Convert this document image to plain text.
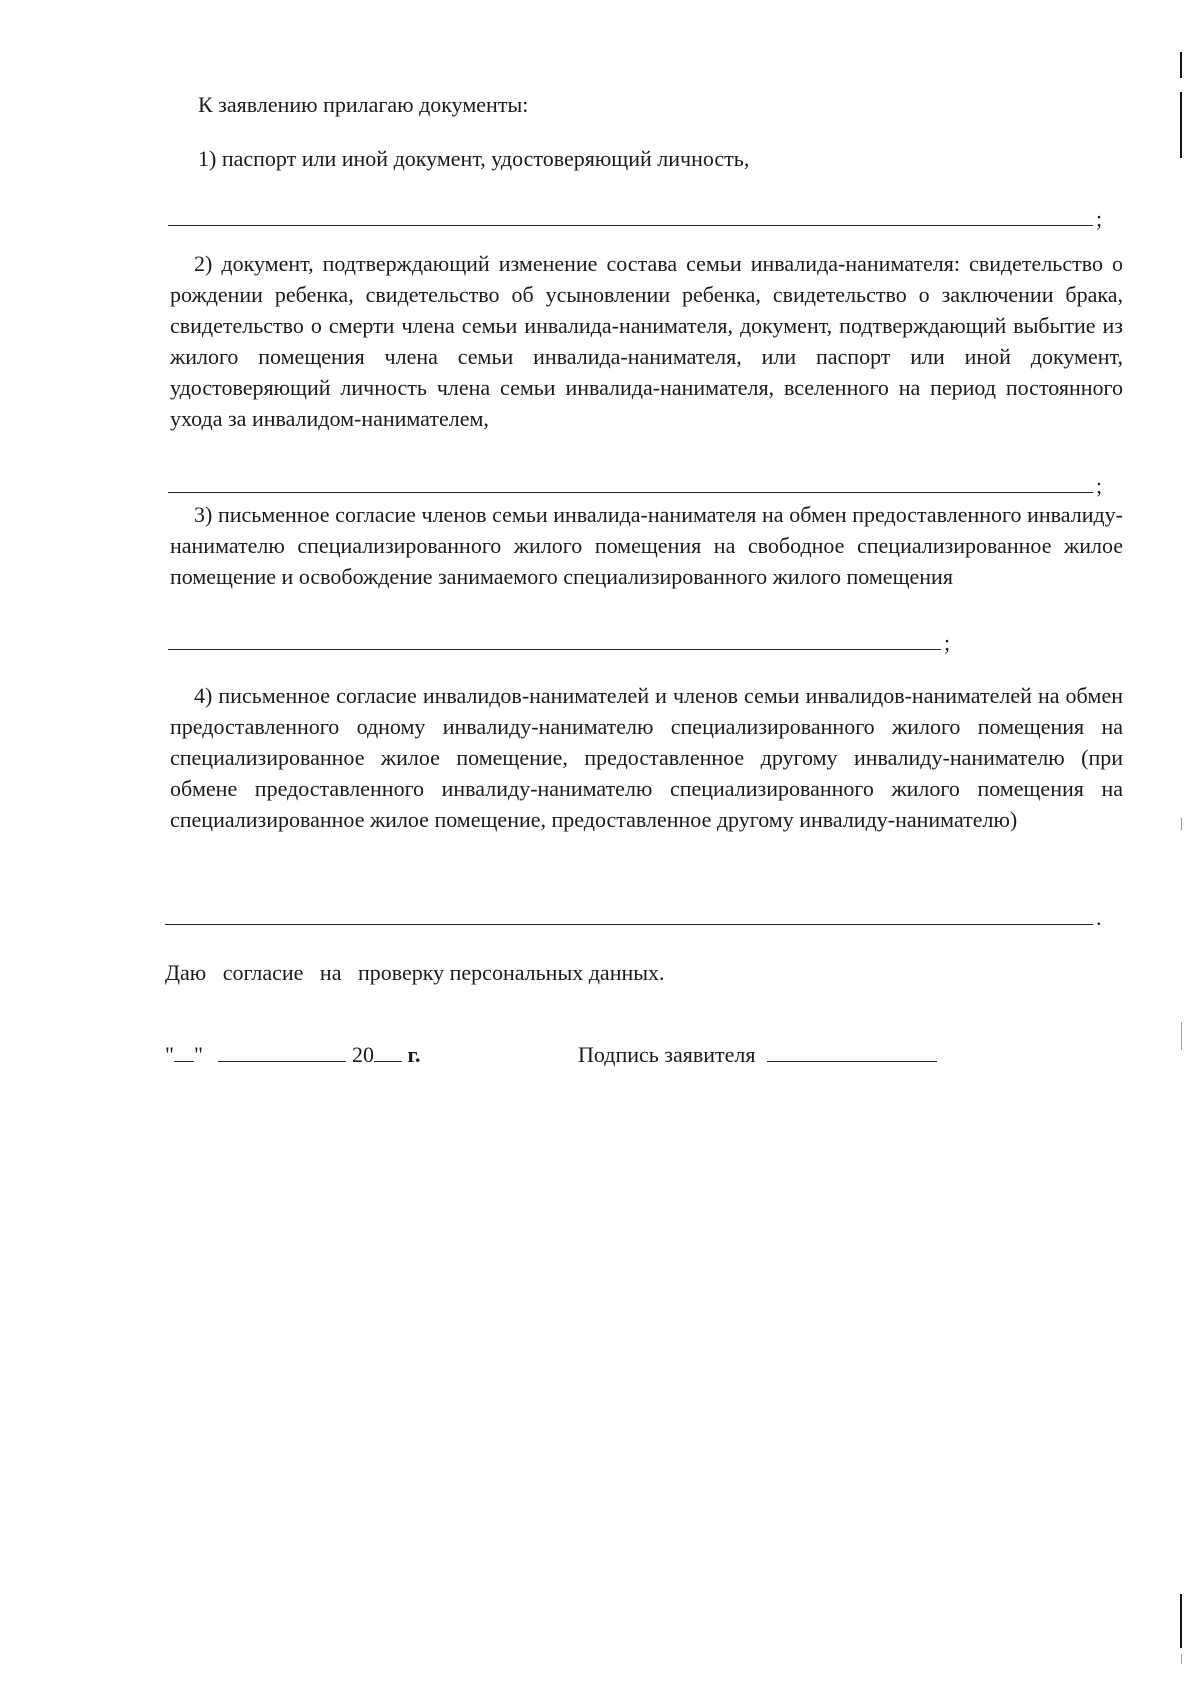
К заявлению прилагаю документы:
1) паспорт или иной документ, удостоверяющий личность,
;
2) документ, подтверждающий изменение состава семьи инвалида-нанимателя: свидетельство о рождении ребенка, свидетельство об усыновлении ребенка, свидетельство о заключении брака, свидетельство о смерти члена семьи инвалида-нанимателя, документ, подтверждающий выбытие из жилого помещения члена семьи инвалида-нанимателя, или паспорт или иной документ, удостоверяющий личность члена семьи инвалида-нанимателя, вселенного на период постоянного ухода за инвалидом-нанимателем,
;
3) письменное согласие членов семьи инвалида-нанимателя на обмен предоставленного инвалиду-нанимателю специализированного жилого помещения на свободное специализированное жилое помещение и освобождение занимаемого специализированного жилого помещения
;
4) письменное согласие инвалидов-нанимателей и членов семьи инвалидов-нанимателей на обмен предоставленного одному инвалиду-нанимателю специализированного жилого помещения на специализированное жилое помещение, предоставленное другому инвалиду-нанимателю (при обмене предоставленного инвалиду-нанимателю специализированного жилого помещения на специализированное жилое помещение, предоставленное другому инвалиду-нанимателю)
.
Даю   согласие   на   проверку персональных данных.
" "	20 г.	Подпись заявителя
